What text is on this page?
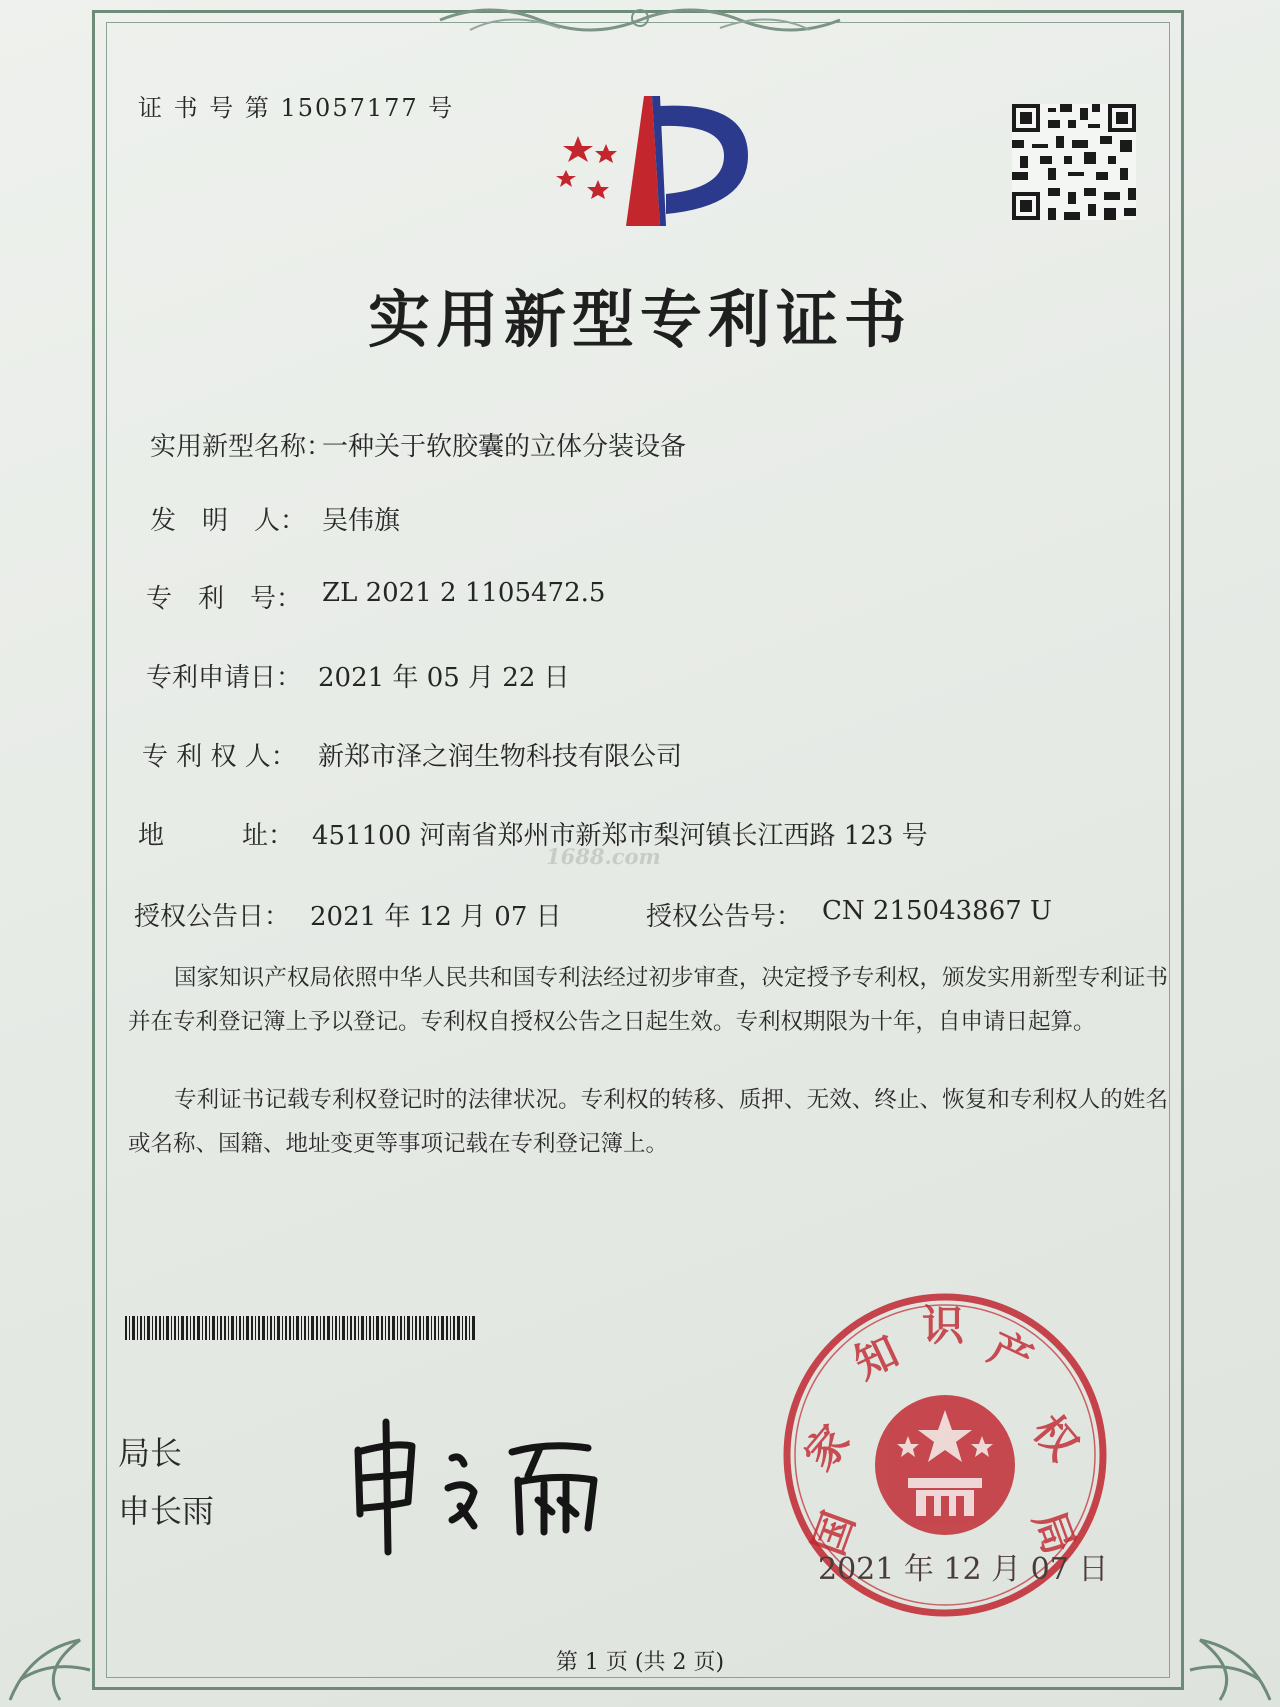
证 书 号 第 15057177 号
实用新型专利证书
实用新型名称：
一种关于软胶囊的立体分装设备
发　明　人： 吴伟旗
专　利　号： ZL 2021 2 1105472.5
专利申请日： 2021 年 05 月 22 日
专 利 权 人： 新郑市泽之润生物科技有限公司
地　　　址： 451100 河南省郑州市新郑市梨河镇长江西路 123 号
1688.com
授权公告日： 2021 年 12 月 07 日	授权公告号： CN 215043867 U
国家知识产权局依照中华人民共和国专利法经过初步审查，决定授予专利权，颁发实用新型专利证书并在专利登记簿上予以登记。专利权自授权公告之日起生效。专利权期限为十年，自申请日起算。
专利证书记载专利权登记时的法律状况。专利权的转移、质押、无效、终止、恢复和专利权人的姓名或名称、国籍、地址变更等事项记载在专利登记簿上。
局长
申长雨	国
家
知
识 产
权
局
2021 年 12 月 07 日
第 1 页 (共 2 页)
